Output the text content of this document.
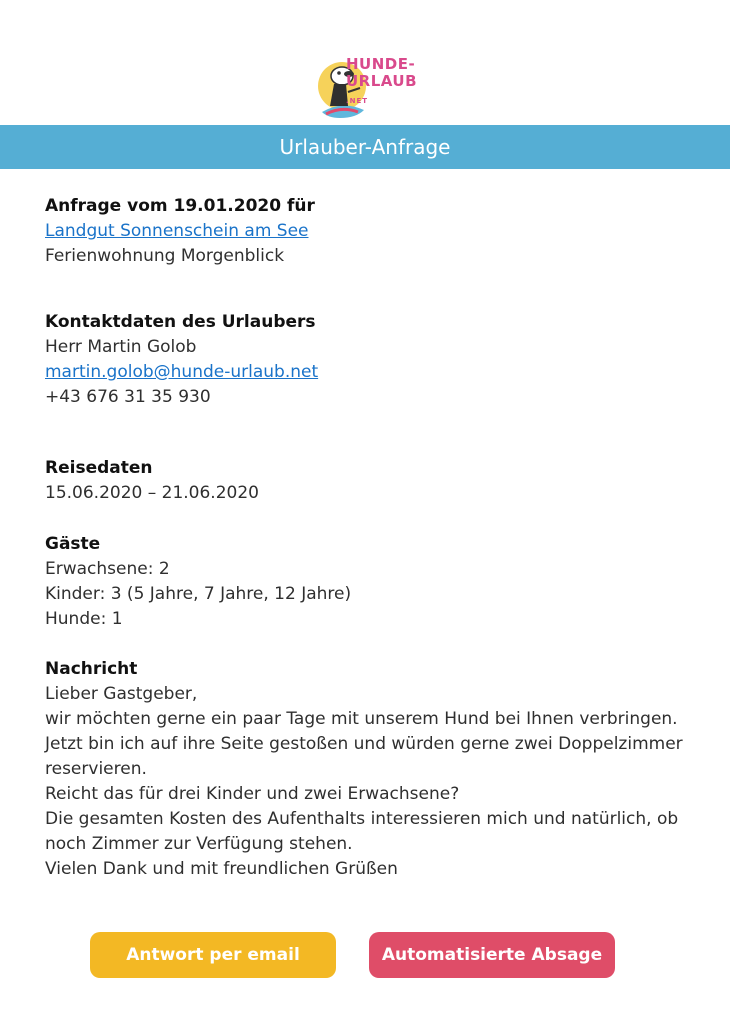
HUNDE-
URLAUB .NET
Urlauber-Anfrage
Anfrage vom 19.01.2020 für
Landgut Sonnenschein am See
Ferienwohnung Morgenblick
Kontaktdaten des Urlaubers
Herr Martin Golob
martin.golob@hunde-urlaub.net
+43 676 31 35 930
Reisedaten
15.06.2020 – 21.06.2020
Gäste
Erwachsene: 2
Kinder: 3 (5 Jahre, 7 Jahre, 12 Jahre)
Hunde: 1
Nachricht
Lieber Gastgeber,
wir möchten gerne ein paar Tage mit unserem Hund bei Ihnen verbringen.
Jetzt bin ich auf ihre Seite gestoßen und würden gerne zwei Doppelzimmer
reservieren.
Reicht das für drei Kinder und zwei Erwachsene?
Die gesamten Kosten des Aufenthalts interessieren mich und natürlich, ob
noch Zimmer zur Verfügung stehen.
Vielen Dank und mit freundlichen Grüßen
Antwort per email	Automatisierte Absage
